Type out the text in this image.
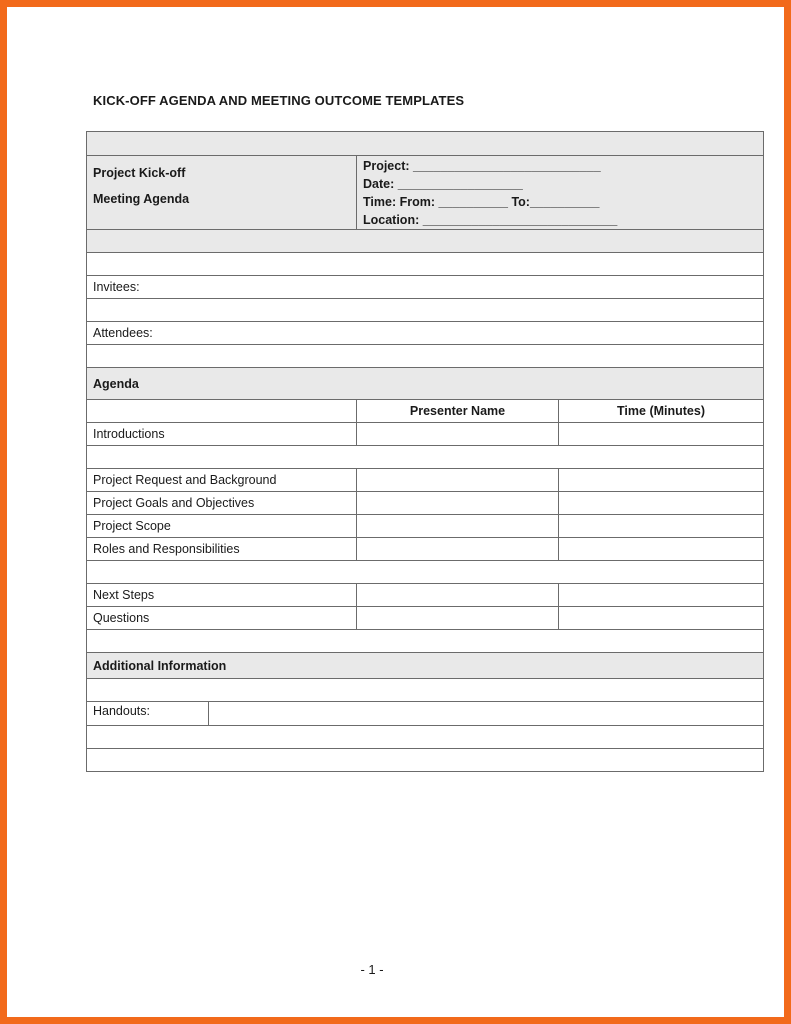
KICK-OFF AGENDA AND MEETING OUTCOME TEMPLATES

Project Kick-off
Meeting Agenda	Project: ___________________________
Date: __________________
Time: From: __________ To:__________
Location: ____________________________	

Invitees:		

Attendees:		

Agenda		
	Presenter Name	Time (Minutes)
Introductions		

Project Request and Background		
Project Goals and Objectives		
Project Scope		
Roles and Responsibilities		

Next Steps		
Questions		

Additional Information		

Handouts:		

- 1 -
